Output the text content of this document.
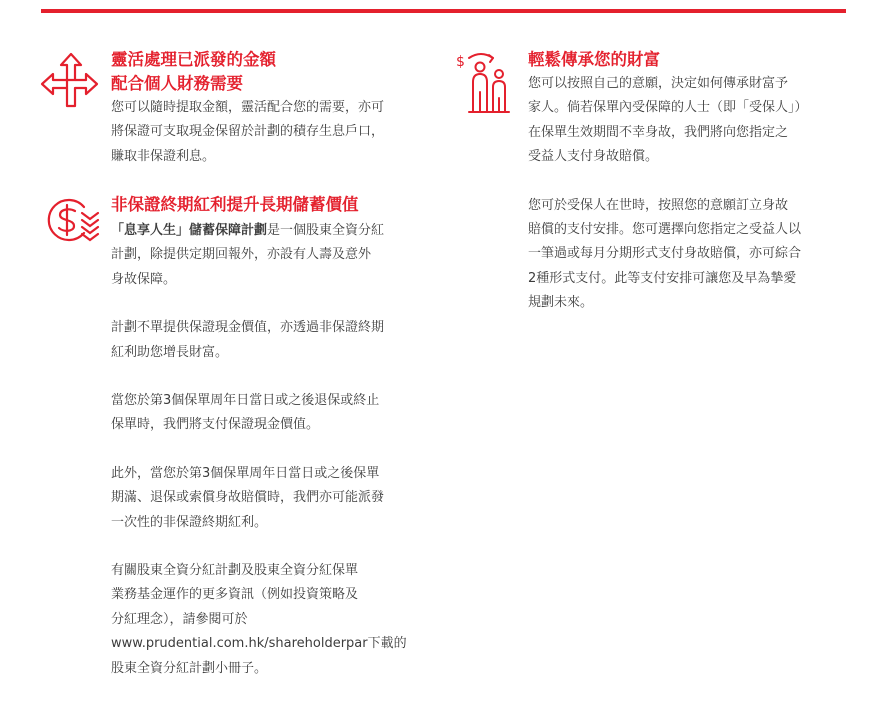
靈活處理已派發的金額

配合個人財務需要

您可以隨時提取金額，靈活配合您的需要，亦可

將保證可支取現金保留於計劃的積存生息戶口，

賺取非保證利息。

非保證終期紅利提升長期儲蓄價值

「息享人生」儲蓄保障計劃是一個股東全資分紅

計劃，除提供定期回報外，亦設有人壽及意外

身故保障。

計劃不單提供保證現金價值，亦透過非保證終期

紅利助您增長財富。

當您於第3個保單周年日當日或之後退保或終止

保單時，我們將支付保證現金價值。

此外，當您於第3個保單周年日當日或之後保單

期滿、退保或索償身故賠償時，我們亦可能派發

一次性的非保證終期紅利。

有關股東全資分紅計劃及股東全資分紅保單

業務基金運作的更多資訊（例如投資策略及

分紅理念），請參閱可於

www.prudential.com.hk/shareholderpar下載的

股東全資分紅計劃小冊子。

$	輕鬆傳承您的財富

您可以按照自己的意願，決定如何傳承財富予

家人。倘若保單內受保障的人士（即「受保人」）

在保單生效期間不幸身故，我們將向您指定之

受益人支付身故賠償。

您可於受保人在世時，按照您的意願訂立身故

賠償的支付安排。您可選擇向您指定之受益人以

一筆過或每月分期形式支付身故賠償，亦可綜合

2種形式支付。此等支付安排可讓您及早為摯愛

規劃未來。
